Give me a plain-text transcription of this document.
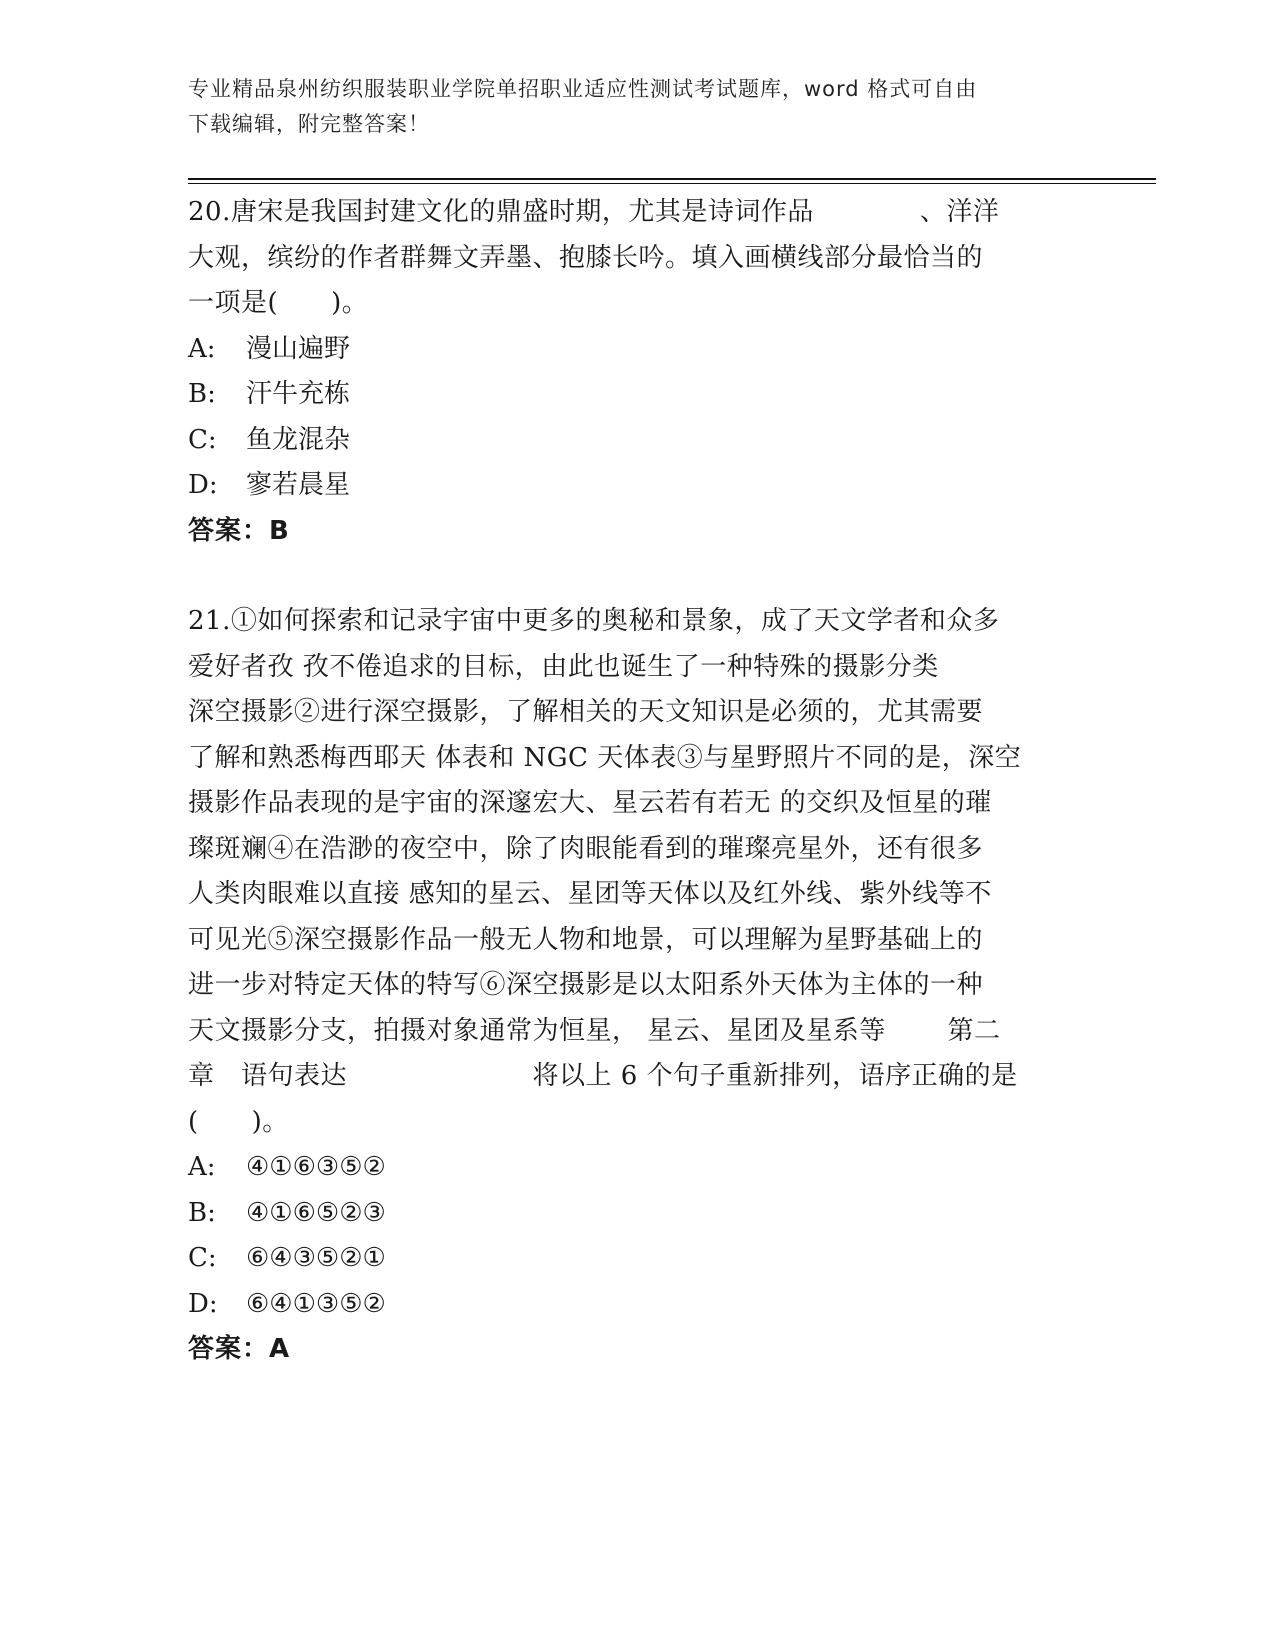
专业精品泉州纺织服装职业学院单招职业适应性测试考试题库，word 格式可自由
下载编辑，附完整答案！
20.唐宋是我国封建文化的鼎盛时期，尤其是诗词作品　　　　、洋洋
大观，缤纷的作者群舞文弄墨、抱膝长吟。填入画横线部分最恰当的
一项是(　　)。
A: 漫山遍野
B: 汗牛充栋
C: 鱼龙混杂
D: 寥若晨星
答案：B
21.①如何探索和记录宇宙中更多的奥秘和景象，成了天文学者和众多
爱好者孜 孜不倦追求的目标，由此也诞生了一种特殊的摄影分类
深空摄影②进行深空摄影，了解相关的天文知识是必须的，尤其需要
了解和熟悉梅西耶天 体表和 NGC 天体表③与星野照片不同的是，深空
摄影作品表现的是宇宙的深邃宏大、星云若有若无 的交织及恒星的璀
璨斑斓④在浩渺的夜空中，除了肉眼能看到的璀璨亮星外，还有很多
人类肉眼难以直接 感知的星云、星团等天体以及红外线、紫外线等不
可见光⑤深空摄影作品一般无人物和地景，可以理解为星野基础上的
进一步对特定天体的特写⑥深空摄影是以太阳系外天体为主体的一种
天文摄影分支，拍摄对象通常为恒星， 星云、星团及星系等　　 第二
章　语句表达　　　　　　　将以上 6 个句子重新排列，语序正确的是
(　　)。
A: ④①⑥③⑤②
B: ④①⑥⑤②③
C: ⑥④③⑤②①
D: ⑥④①③⑤②
答案：A
